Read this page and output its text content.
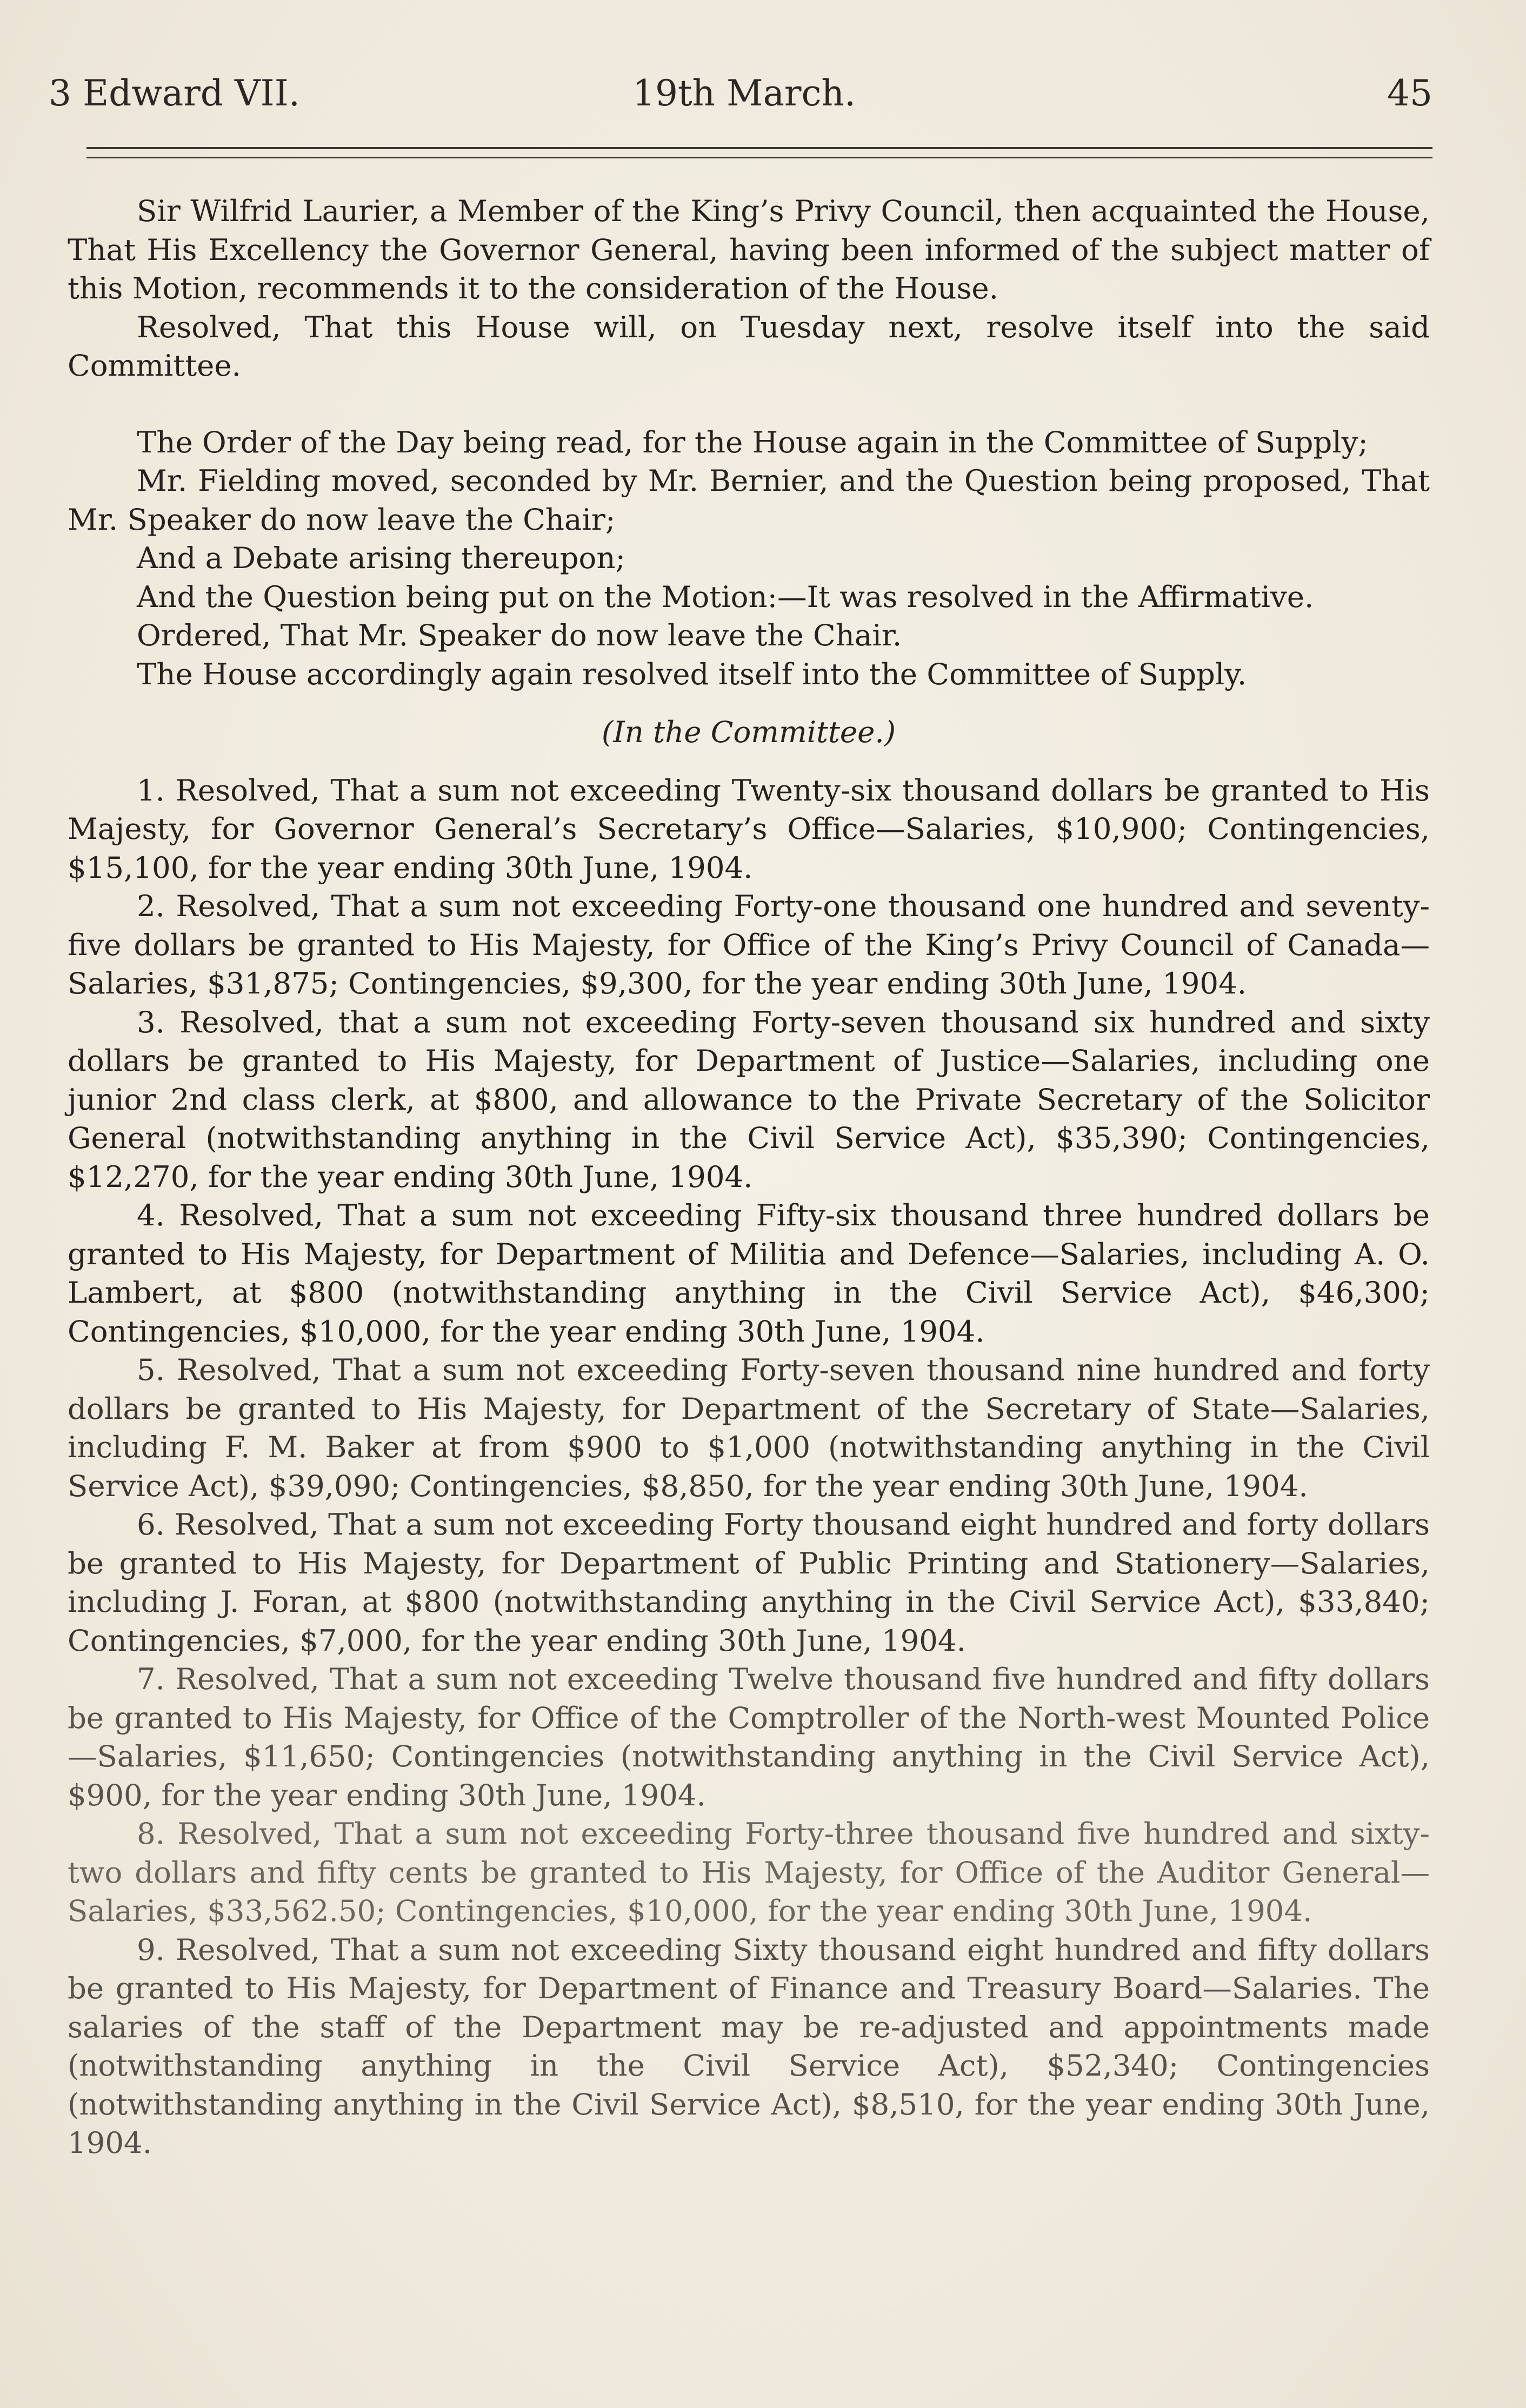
3 Edward VII.	19th March.	45

Sir Wilfrid Laurier, a Member of the King’s Privy Council, then acquainted the House, That His Excellency the Governor General, having been informed of the subject matter of this Motion, recommends it to the consideration of the House.

Resolved, That this House will, on Tuesday next, resolve itself into the said Committee.

The Order of the Day being read, for the House again in the Committee of Supply;

Mr. Fielding moved, seconded by Mr. Bernier, and the Question being proposed, That Mr. Speaker do now leave the Chair;

And a Debate arising thereupon;

And the Question being put on the Motion:—It was resolved in the Affirmative.

Ordered, That Mr. Speaker do now leave the Chair.

The House accordingly again resolved itself into the Committee of Supply.

(In the Committee.)

1. Resolved, That a sum not exceeding Twenty-six thousand dollars be granted to His Majesty, for Governor General’s Secretary’s Office—Salaries, $10,900; Contingencies, $15,100, for the year ending 30th June, 1904.

2. Resolved, That a sum not exceeding Forty-one thousand one hundred and seventy-five dollars be granted to His Majesty, for Office of the King’s Privy Council of Canada—Salaries, $31,875; Contingencies, $9,300, for the year ending 30th June, 1904.

3. Resolved, that a sum not exceeding Forty-seven thousand six hundred and sixty dollars be granted to His Majesty, for Department of Justice—Salaries, including one junior 2nd class clerk, at $800, and allowance to the Private Secretary of the Solicitor General (notwithstanding anything in the Civil Service Act), $35,390; Contingencies, $12,270, for the year ending 30th June, 1904.

4. Resolved, That a sum not exceeding Fifty-six thousand three hundred dollars be granted to His Majesty, for Department of Militia and Defence—Salaries, including A. O. Lambert, at $800 (notwithstanding anything in the Civil Service Act), $46,300; Contingencies, $10,000, for the year ending 30th June, 1904.

5. Resolved, That a sum not exceeding Forty-seven thousand nine hundred and forty dollars be granted to His Majesty, for Department of the Secretary of State—Salaries, including F. M. Baker at from $900 to $1,000 (notwithstanding anything in the Civil Service Act), $39,090; Contingencies, $8,850, for the year ending 30th June, 1904.

6. Resolved, That a sum not exceeding Forty thousand eight hundred and forty dollars be granted to His Majesty, for Department of Public Printing and Stationery—Salaries, including J. Foran, at $800 (notwithstanding anything in the Civil Service Act), $33,840; Contingencies, $7,000, for the year ending 30th June, 1904.

7. Resolved, That a sum not exceeding Twelve thousand five hundred and fifty dollars be granted to His Majesty, for Office of the Comptroller of the North-west Mounted Police—Salaries, $11,650; Contingencies (notwithstanding anything in the Civil Service Act), $900, for the year ending 30th June, 1904.

8. Resolved, That a sum not exceeding Forty-three thousand five hundred and sixty-two dollars and fifty cents be granted to His Majesty, for Office of the Auditor General—Salaries, $33,562.50; Contingencies, $10,000, for the year ending 30th June, 1904.

9. Resolved, That a sum not exceeding Sixty thousand eight hundred and fifty dollars be granted to His Majesty, for Department of Finance and Treasury Board—Salaries. The salaries of the staff of the Department may be re-adjusted and appointments made (notwithstanding anything in the Civil Service Act), $52,340; Contingencies (notwithstanding anything in the Civil Service Act), $8,510, for the year ending 30th June, 1904.
